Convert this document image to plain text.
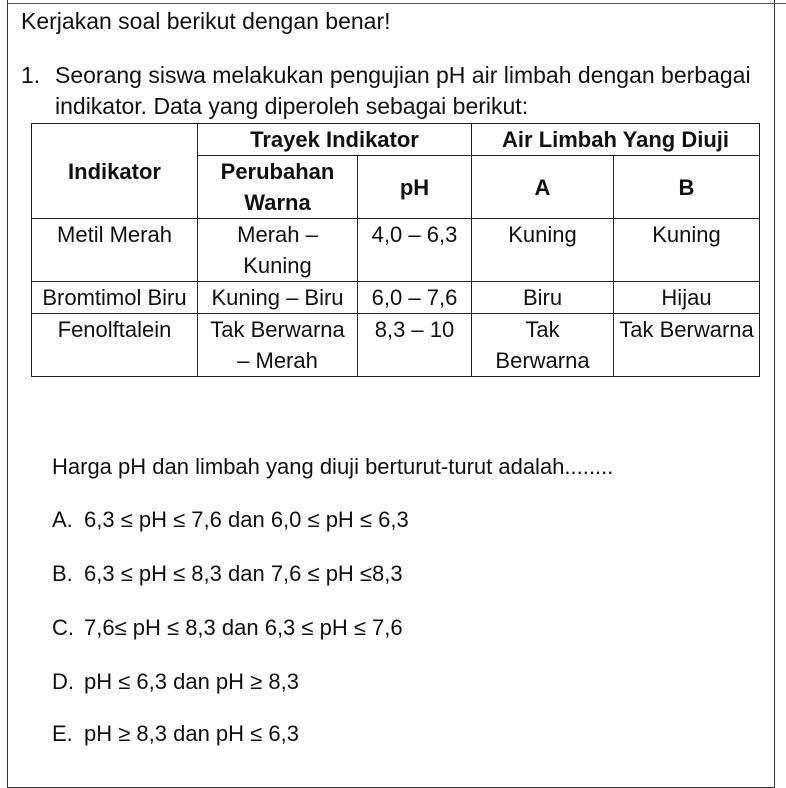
Kerjakan soal berikut dengan benar!
1. Seorang siswa melakukan pengujian pH air limbah dengan berbagai indikator. Data yang diperoleh sebagai berikut:
Indikator	Trayek Indikator		Air Limbah Yang Diuji	
	Perubahan Warna	pH	A	B
Metil Merah	Merah – Kuning	4,0 – 6,3	Kuning	Kuning
Bromtimol Biru	Kuning – Biru	6,0 – 7,6	Biru	Hijau
Fenolftalein	Tak Berwarna – Merah	8,3 – 10	Tak Berwarna	Tak Berwarna
Harga pH dan limbah yang diuji berturut-turut adalah........
A. 6,3 ≤ pH ≤ 7,6 dan 6,0 ≤ pH ≤ 6,3
B. 6,3 ≤ pH ≤ 8,3 dan 7,6 ≤ pH ≤8,3
C. 7,6≤ pH ≤ 8,3 dan 6,3 ≤ pH ≤ 7,6
D. pH ≤ 6,3 dan pH ≥ 8,3
E. pH ≥ 8,3 dan pH ≤ 6,3
